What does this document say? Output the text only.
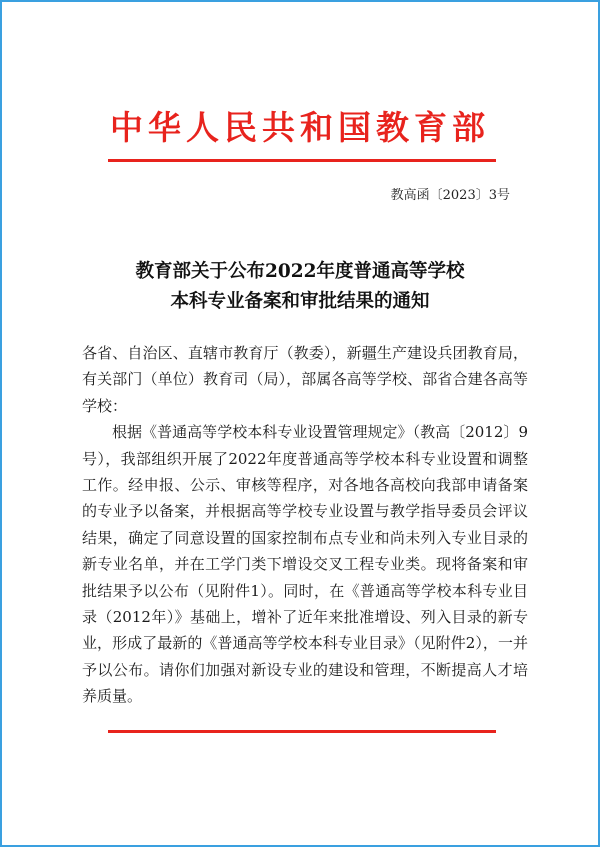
中华人民共和国教育部
教高函〔2023〕3号
教育部关于公布2022年度普通高等学校
本科专业备案和审批结果的通知

各省、自治区、直辖市教育厅（教委），新疆生产建设兵团教育局，有关部门（单位）教育司（局），部属各高等学校、部省合建各高等学校：

根据《普通高等学校本科专业设置管理规定》（教高〔2012〕9号），我部组织开展了2022年度普通高等学校本科专业设置和调整工作。经申报、公示、审核等程序，对各地各高校向我部申请备案的专业予以备案，并根据高等学校专业设置与教学指导委员会评议结果，确定了同意设置的国家控制布点专业和尚未列入专业目录的新专业名单，并在工学门类下增设交叉工程专业类。现将备案和审批结果予以公布（见附件1）。同时，在《普通高等学校本科专业目录（2012年）》基础上，增补了近年来批准增设、列入目录的新专业，形成了最新的《普通高等学校本科专业目录》（见附件2），一并予以公布。请你们加强对新设专业的建设和管理，不断提高人才培养质量。
